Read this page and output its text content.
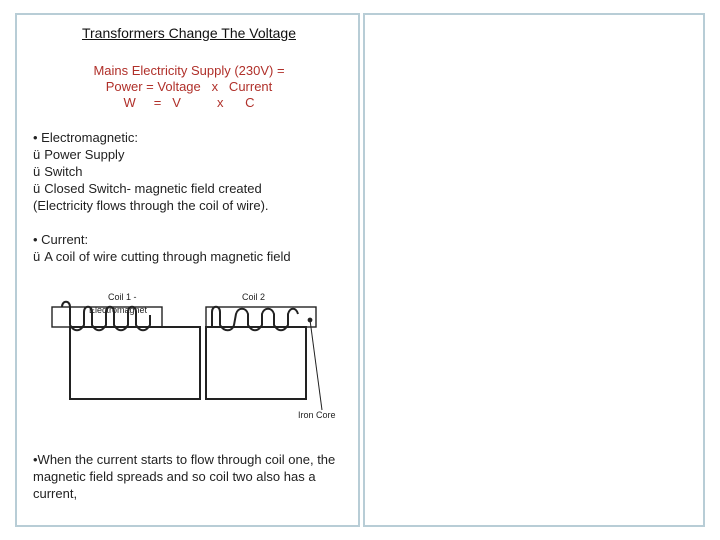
Transformers Change The Voltage
Mains Electricity Supply (230V) =
Power = Voltage   x   Current
W     =   V          x      C
• Electromagnetic:
ü Power Supply
ü Switch
ü Closed Switch- magnetic field created
(Electricity flows through the coil of wire).
• Current:
ü A coil of wire cutting through magnetic field
Coil 1 -
Electromagnet
Coil 2
Iron Core
•When the current starts to flow through coil one, the magnetic field spreads and so coil two also has a current,
